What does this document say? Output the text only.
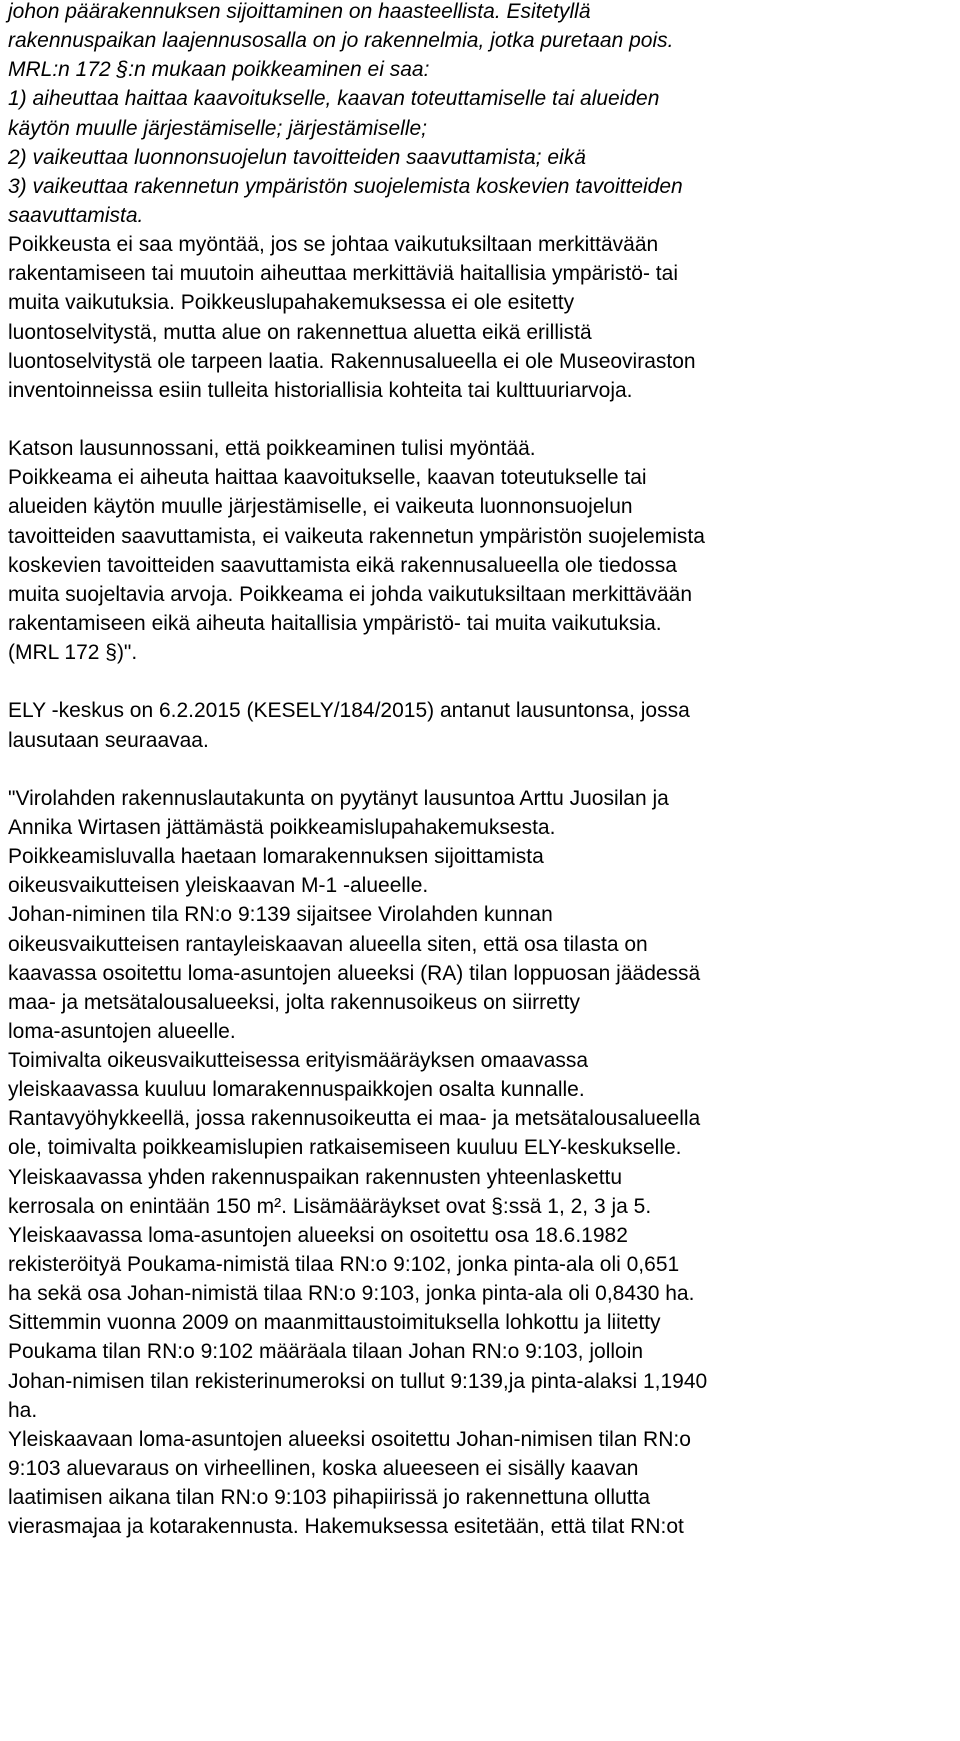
johon päärakennuksen sijoittaminen on haasteellista. Esitetyllä
rakennuspaikan laajennusosalla on jo rakennelmia, jotka puretaan pois.
MRL:n 172 §:n mukaan poikkeaminen ei saa:
1) aiheuttaa haittaa kaavoitukselle, kaavan toteuttamiselle tai alueiden
käytön muulle järjestämiselle; järjestämiselle;
2) vaikeuttaa luonnonsuojelun tavoitteiden saavuttamista; eikä
3) vaikeuttaa rakennetun ympäristön suojelemista koskevien tavoitteiden
saavuttamista.
Poikkeusta ei saa myöntää, jos se johtaa vaikutuksiltaan merkittävään
rakentamiseen tai muutoin aiheuttaa merkittäviä haitallisia ympäristö- tai
muita vaikutuksia. Poikkeuslupahakemuksessa ei ole esitetty
luontoselvitystä, mutta alue on rakennettua aluetta eikä erillistä
luontoselvitystä ole tarpeen laatia. Rakennusalueella ei ole Museoviraston
inventoinneissa esiin tulleita historiallisia kohteita tai kulttuuriarvoja.
Katson lausunnossani, että poikkeaminen tulisi myöntää.
Poikkeama ei aiheuta haittaa kaavoitukselle, kaavan toteutukselle tai
alueiden käytön muulle järjestämiselle, ei vaikeuta luonnonsuojelun
tavoitteiden saavuttamista, ei vaikeuta rakennetun ympäristön suojelemista
koskevien tavoitteiden saavuttamista eikä rakennusalueella ole tiedossa
muita suojeltavia arvoja. Poikkeama ei johda vaikutuksiltaan merkittävään
rakentamiseen eikä aiheuta haitallisia ympäristö- tai muita vaikutuksia.
(MRL 172 §)".
ELY -keskus on 6.2.2015 (KESELY/184/2015) antanut lausuntonsa, jossa
lausutaan seuraavaa.
"Virolahden rakennuslautakunta on pyytänyt lausuntoa Arttu Juosilan ja
Annika Wirtasen jättämästä poikkeamislupahakemuksesta.
Poikkeamisluvalla haetaan lomarakennuksen sijoittamista
oikeusvaikutteisen yleiskaavan M-1 -alueelle.
Johan-niminen tila RN:o 9:139 sijaitsee Virolahden kunnan
oikeusvaikutteisen rantayleiskaavan alueella siten, että osa tilasta on
kaavassa osoitettu loma-asuntojen alueeksi (RA) tilan loppuosan jäädessä
maa- ja metsätalousalueeksi, jolta rakennusoikeus on siirretty
loma-asuntojen alueelle.
Toimivalta oikeusvaikutteisessa erityismääräyksen omaavassa
yleiskaavassa kuuluu lomarakennuspaikkojen osalta kunnalle.
Rantavyöhykkeellä, jossa rakennusoikeutta ei maa- ja metsätalousalueella
ole, toimivalta poikkeamislupien ratkaisemiseen kuuluu ELY-keskukselle.
Yleiskaavassa yhden rakennuspaikan rakennusten yhteenlaskettu
kerrosala on enintään 150 m². Lisämääräykset ovat §:ssä 1, 2, 3 ja 5.
Yleiskaavassa loma-asuntojen alueeksi on osoitettu osa 18.6.1982
rekisteröityä Poukama-nimistä tilaa RN:o 9:102, jonka pinta-ala oli 0,651
ha sekä osa Johan-nimistä tilaa RN:o 9:103, jonka pinta-ala oli 0,8430 ha.
Sittemmin vuonna 2009 on maanmittaustoimituksella lohkottu ja liitetty
Poukama tilan RN:o 9:102 määräala tilaan Johan RN:o 9:103, jolloin
Johan-nimisen tilan rekisterinumeroksi on tullut 9:139,ja pinta-alaksi 1,1940
ha.
Yleiskaavaan loma-asuntojen alueeksi osoitettu Johan-nimisen tilan RN:o
9:103 aluevaraus on virheellinen, koska alueeseen ei sisälly kaavan
laatimisen aikana tilan RN:o 9:103 pihapiirissä jo rakennettuna ollutta
vierasmajaa ja kotarakennusta. Hakemuksessa esitetään, että tilat RN:ot
